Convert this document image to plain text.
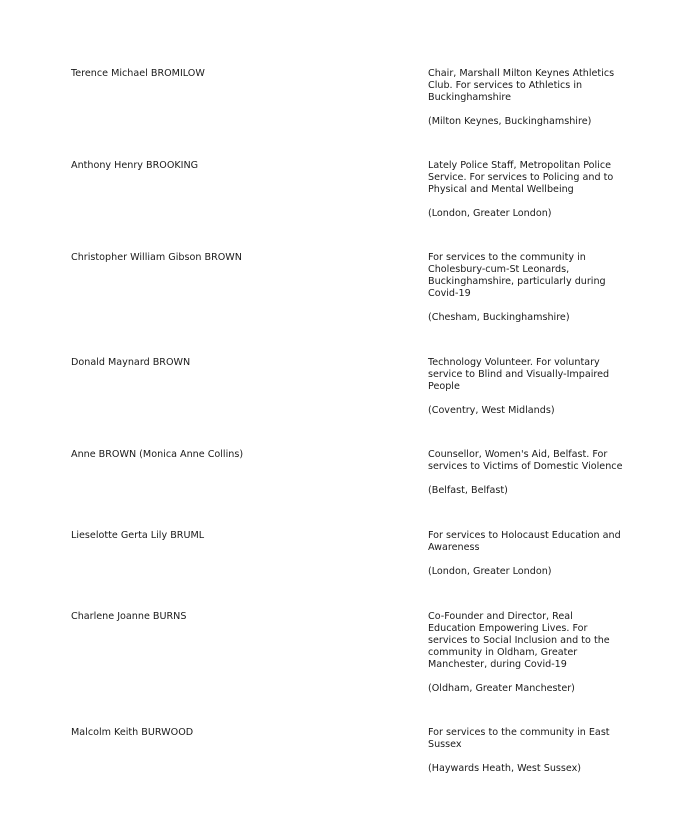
Terence Michael BROMILOW	Chair, Marshall Milton Keynes Athletics Club. For services to Athletics in Buckinghamshire
(Milton Keynes, Buckinghamshire)
Anthony Henry BROOKING	Lately Police Staff, Metropolitan Police Service. For services to Policing and to Physical and Mental Wellbeing
(London, Greater London)
Christopher William Gibson BROWN	For services to the community in Cholesbury-cum-St Leonards, Buckinghamshire, particularly during Covid-19
(Chesham, Buckinghamshire)
Donald Maynard BROWN	Technology Volunteer. For voluntary service to Blind and Visually-Impaired People
(Coventry, West Midlands)
Anne BROWN (Monica Anne Collins)	Counsellor, Women's Aid, Belfast. For services to Victims of Domestic Violence
(Belfast, Belfast)
Lieselotte Gerta Lily BRUML	For services to Holocaust Education and Awareness
(London, Greater London)
Charlene Joanne BURNS	Co-Founder and Director, Real Education Empowering Lives. For services to Social Inclusion and to the community in Oldham, Greater Manchester, during Covid-19
(Oldham, Greater Manchester)
Malcolm Keith BURWOOD	For services to the community in East Sussex
(Haywards Heath, West Sussex)
